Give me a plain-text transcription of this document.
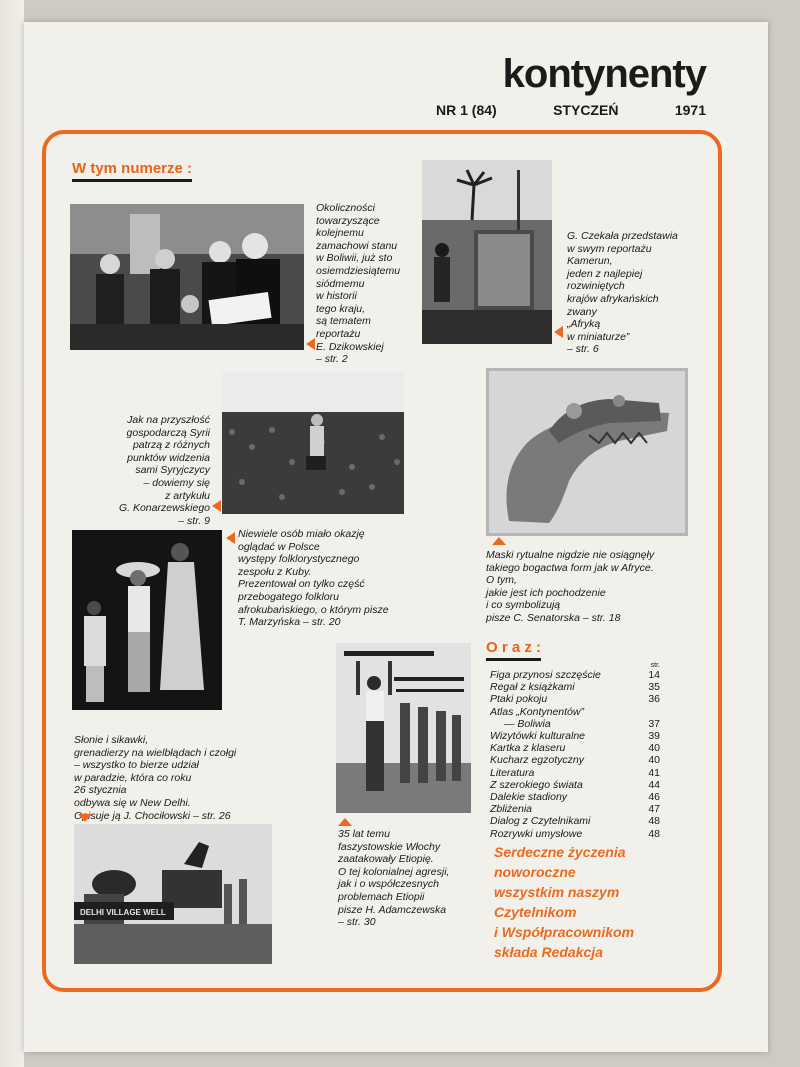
kontynenty
NR 1 (84)	STYCZEŃ	1971
W tym numerze :
Okoliczności
towarzyszące
kolejnemu
zamachowi stanu
w Boliwii, już sto
osiemdziesiątemu
siódmemu
w historii
tego kraju,
są tematem
reportażu
E. Dzikowskiej
– str. 2
G. Czekała przedstawia
w swym reportażu
Kamerun,
jeden z najlepiej
rozwiniętych
krajów afrykańskich
zwany
„Afryką
w miniaturze”
– str. 6
Jak na przyszłość
gospodarczą Syrii
patrzą z różnych
punktów widzenia
sami Syryjczycy
– dowiemy się
z artykułu
G. Konarzewskiego
– str. 9
Maski rytualne nigdzie nie osiągnęły
takiego bogactwa form jak w Afryce.
O tym,
jakie jest ich pochodzenie
i co symbolizują
pisze C. Senatorska – str. 18
Niewiele osób miało okazję
oglądać w Polsce
występy folklorystycznego
zespołu z Kuby.
Prezentował on tylko część
przebogatego folkloru
afrokubańskiego, o którym pisze
T. Marzyńska – str. 20
35 lat temu
faszystowskie Włochy
zaatakowały Etiopię.
O tej kolonialnej agresji,
jak i o współczesnych
problemach Etiopii
pisze H. Adamczewska
– str. 30
Słonie i sikawki,
grenadierzy na wielbłądach i czołgi
– wszystko to bierze udział
w paradzie, która co roku
26 stycznia
odbywa się w New Delhi.
Opisuje ją J. Chociłowski – str. 26
DELHI VILLAGE WELL
O r a z :
str.
Figa przynosi szczęście	14
Regał z książkami	35
Ptaki pokoju	36
Atlas „Kontynentów”
— Boliwia	37
Wizytówki kulturalne	39
Kartka z klaseru	40
Kucharz egzotyczny	40
Literatura	41
Z szerokiego świata	44
Dalekie stadiony	46
Zbliżenia	47
Dialog z Czytelnikami	48
Rozrywki umysłowe	48
Serdeczne życzenia
noworoczne
wszystkim naszym
Czytelnikom
i Współpracownikom
składa Redakcja
